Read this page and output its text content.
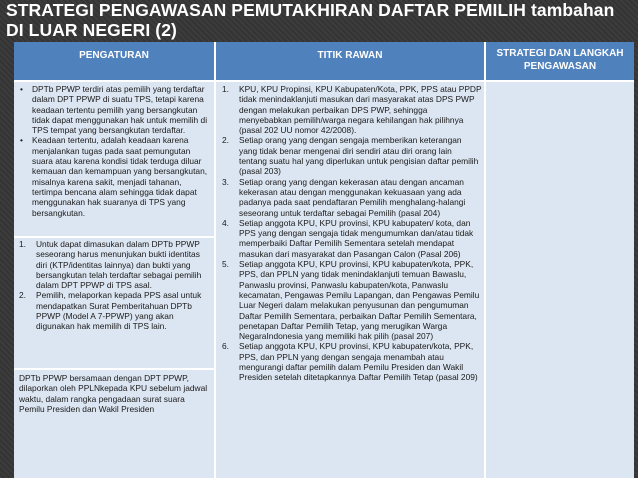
STRATEGI PENGAWASAN PEMUTAKHIRAN DAFTAR PEMILIH tambahan DI LUAR NEGERI (2)
PENGATURAN	TITIK RAWAN	STRATEGI DAN LANGKAH PENGAWASAN
• DPTb PPWP terdiri atas pemilih yang terdaftar dalam DPT PPWP di suatu TPS, tetapi karena keadaan tertentu pemilih yang bersangkutan tidak dapat menggunakan hak untuk memilih di TPS tempat yang bersangkutan terdaftar.
• Keadaan tertentu, adalah keadaan karena menjalankan tugas pada saat pemungutan suara atau karena kondisi tidak terduga diluar kemauan dan kemampuan yang bersangkutan, misalnya karena sakit, menjadi tahanan, tertimpa bencana alam sehingga tidak dapat menggunakan hak suaranya di TPS yang bersangkutan.
1. Untuk dapat dimasukan dalam DPTb PPWP seseorang harus menunjukan bukti identitas diri (KTP/identitas lainnya) dan bukti yang bersangkutan telah terdaftar sebagai pemilih dalam DPT PPWP di TPS asal.
2. Pemilih, melaporkan kepada PPS asal untuk mendapatkan Surat Pemberitahuan DPTb PPWP (Model A 7-PPWP) yang akan digunakan hak memilih di TPS lain.
DPTb PPWP bersamaan dengan DPT PPWP, dilaporkan oleh PPLNkepada KPU sebelum jadwal waktu, dalam rangka pengadaan surat suara Pemilu Presiden dan Wakil Presiden
1. KPU, KPU Propinsi, KPU Kabupaten/Kota, PPK, PPS atau PPDP tidak menindaklanjuti masukan dari masyarakat atas DPS PWP dengan melakukan perbaikan DPS PWP, sehingga menyebabkan pemilih/warga negara kehilangan hak pilihnya (pasal 202 UU nomor 42/2008).
2. Setiap orang yang dengan sengaja memberikan keterangan yang tidak benar mengenai diri sendiri atau diri orang lain tentang suatu hal yang diperlukan untuk pengisian daftar pemilih (pasal 203)
3. Setiap orang yang dengan kekerasan atau dengan ancaman kekerasan atau dengan menggunakan kekuasaan yang ada padanya pada saat pendaftaran Pemilih menghalang-halangi seseorang untuk terdaftar sebagai Pemilih (pasal 204)
4. Setiap anggota KPU, KPU provinsi, KPU kabupaten/ kota, dan PPS yang dengan sengaja tidak mengumumkan dan/atau tidak memperbaiki Daftar Pemilih Sementara setelah mendapat masukan dari masyarakat dan Pasangan Calon (Pasal 206)
5. Setiap anggota KPU, KPU provinsi, KPU kabupaten/kota, PPK, PPS, dan PPLN yang tidak menindaklanjuti temuan Bawaslu, Panwaslu provinsi, Panwaslu kabupaten/kota, Panwaslu kecamatan, Pengawas Pemilu Lapangan, dan Pengawas Pemilu Luar Negeri dalam melakukan penyusunan dan pengumuman Daftar Pemilih Sementara, perbaikan Daftar Pemilih Sementara, penetapan Daftar Pemilih Tetap, yang merugikan Warga NegaraIndonesia yang memiliki hak pilih (pasal 207)
6. Setiap anggota KPU, KPU provinsi, KPU kabupaten/kota, PPK, PPS, dan PPLN yang dengan sengaja menambah atau mengurangi daftar pemilih dalam Pemilu Presiden dan Wakil Presiden setelah ditetapkannya Daftar Pemilih Tetap (pasal 209)
